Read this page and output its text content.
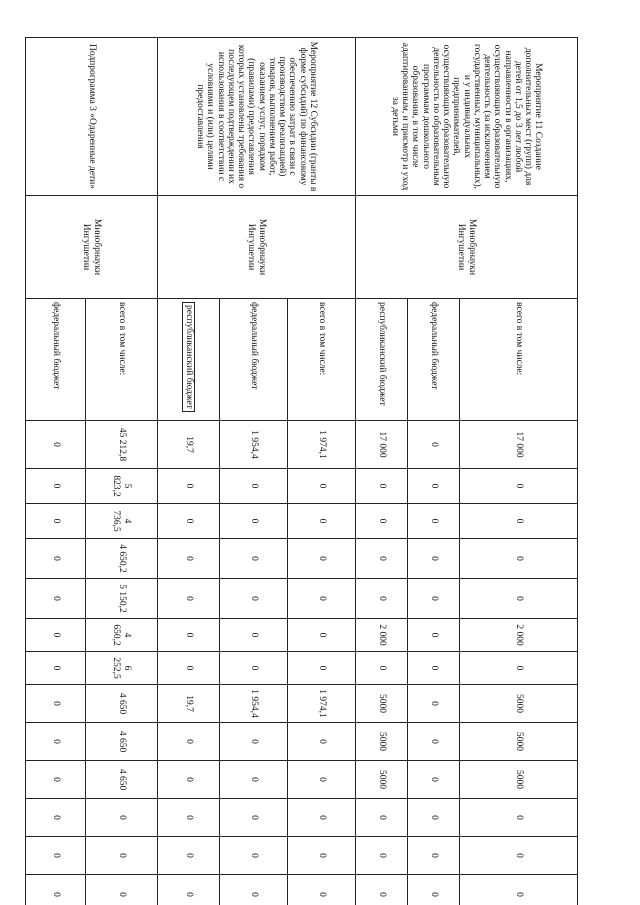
Мероприятие 11 Создание дополнительных мест (групп) для детей от 1,5 до 3 лет любой направленности в организациях, осуществляющих образовательную деятельность (за исключением государственных, муниципальных), и у индивидуальных предпринимателей, осуществляющих образовательную деятельность по образовательным программам дошкольного образования, в том числе адаптированным, и присмотр и уход за детьми	Минобрнауки Ингушетии	всего в том числе:	17 000	0	0	0	0	2 000	0	5000	5000	5000	0	0	0
		федеральный бюджет	0	0	0	0	0	0	0	0	0	0	0	0	0
		республиканский бюджет	17 000	0	0	0	0	2 000	0	5000	5000	5000	0	0	0
Мероприятие 12 Субсидии (гранты в форме субсидий) по финансовому обеспечению затрат в связи с производством (реализацией) товаров, выполнением работ, оказанием услуг, порядком (правилами) предоставления которых установлены требования о последующем подтверждении их использования в соответствии с условиями и (или) целями предоставления	Минобрнауки Ингушетии	всего в том числе:	1 974,1	0	0	0	0	0	0	1 974,1	0	0	0	0	0
		федеральный бюджет	1 954,4	0	0	0	0	0	0	1 954,4	0	0	0	0	0
		республиканский бюджет	19,7	0	0	0	0	0	0	19,7	0	0	0	0	0
Подпрограмма 3 «Одаренные дети»	Минобрнауки Ингушетии	всего в том числе:	45 212,8	5 823,2	4 736,5	4 650,2	5 150,2	4 650,2	6 252,5	4 650	4 650	4 650	0	0	0
		федеральный бюджет	0	0	0	0	0	0	0	0	0	0	0	0	0
